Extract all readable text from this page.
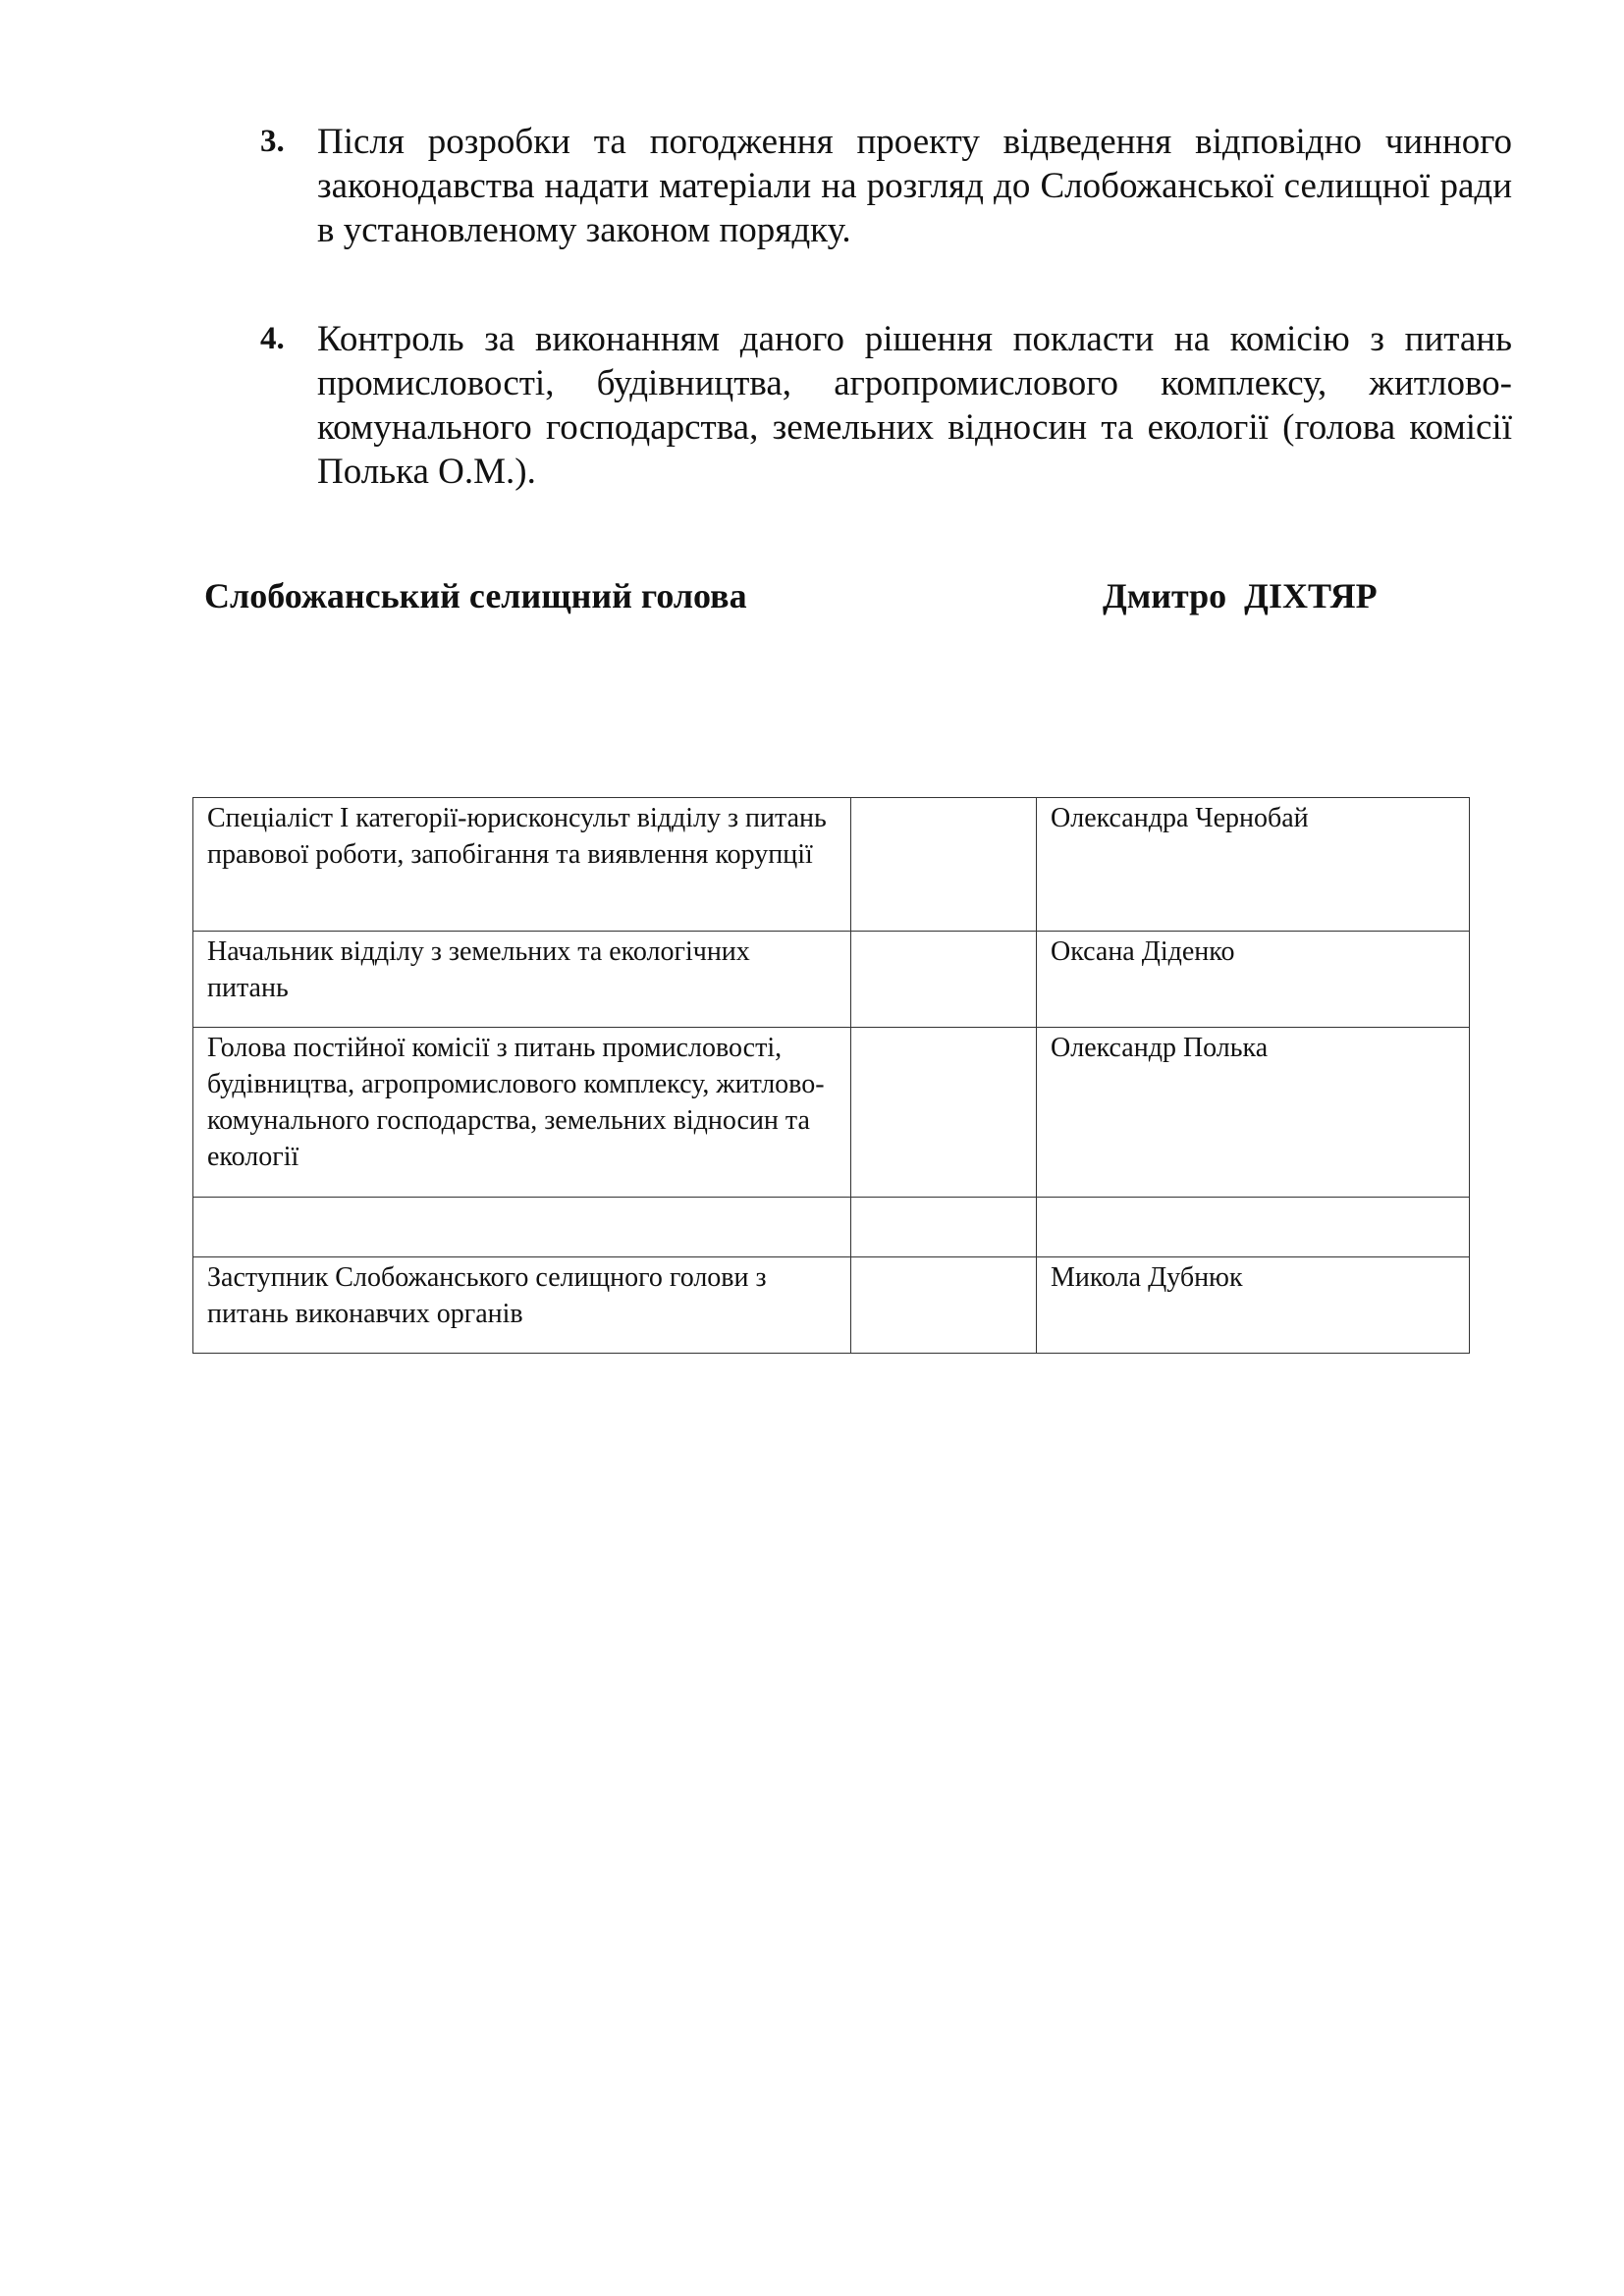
3. Після розробки та погодження проекту відведення відповідно чинного законодавства надати матеріали на розгляд до Слобожанської селищної ради в установленому законом порядку.
4. Контроль за виконанням даного рішення покласти на комісію з питань промисловості, будівництва, агропромислового комплексу, житлово-комунального господарства, земельних відносин та екології (голова комісії Полька О.М.).
Слобожанський селищний голова	Дмитро  ДІХТЯР
Спеціаліст І категорії-юрисконсульт відділу з питань правової роботи, запобігання та виявлення корупції		Олександра Чернобай
Начальник відділу з земельних та екологічних питань		Оксана Діденко
Голова постійної комісії з питань промисловості, будівництва, агропромислового комплексу, житлово-комунального господарства, земельних відносин та екології		Олександр Полька

Заступник Слобожанського селищного голови з питань виконавчих органів		Микола Дубнюк
